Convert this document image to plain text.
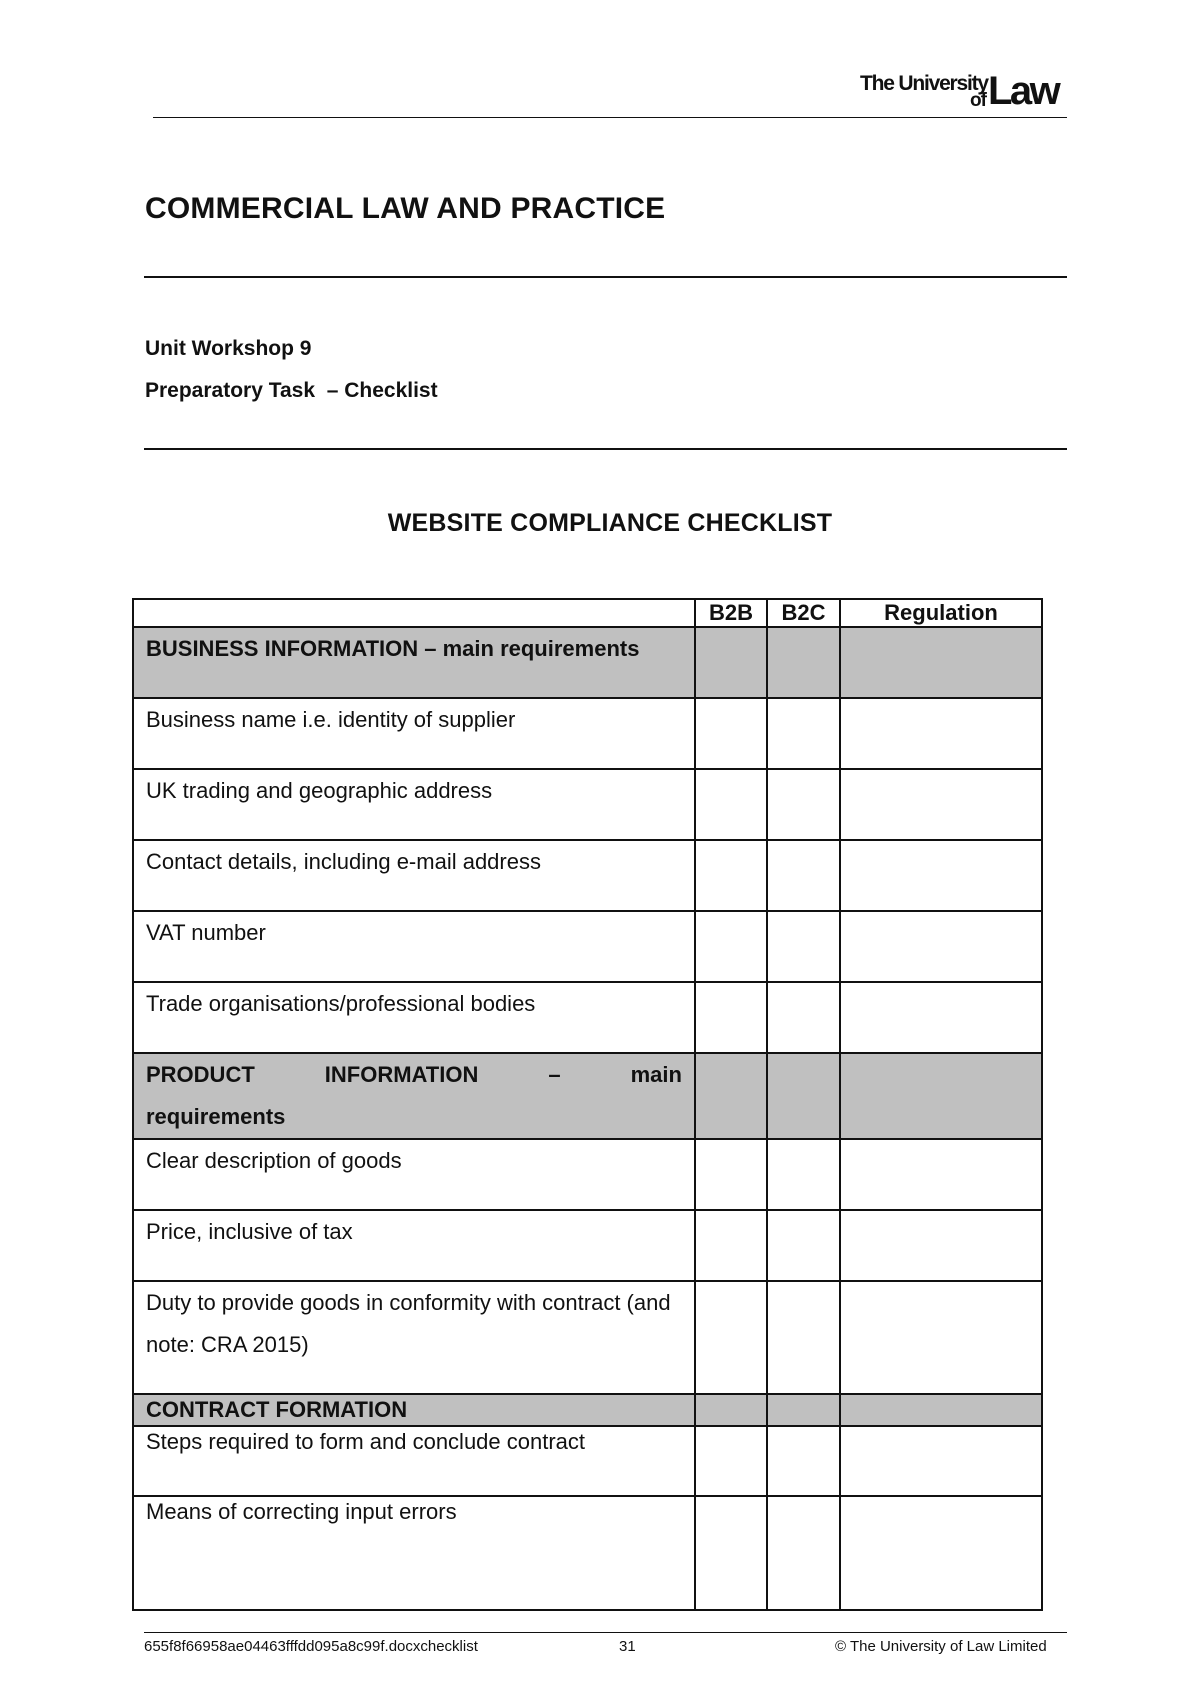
The University
of Law
COMMERCIAL LAW AND PRACTICE
Unit Workshop 9
Preparatory Task  – Checklist
WEBSITE COMPLIANCE CHECKLIST
	B2B	B2C	Regulation
BUSINESS INFORMATION – main requirements			
Business name i.e. identity of supplier			
UK trading and geographic address			
Contact details, including e-mail address			
VAT number			
Trade organisations/professional bodies			

PRODUCT INFORMATION – main
requirements			

Clear description of goods			
Price, inclusive of tax			
Duty to provide goods in conformity with contract (and note: CRA 2015)			
CONTRACT FORMATION			
Steps required to form and conclude contract			
Means of correcting input errors			
655f8f66958ae04463fffdd095a8c99f.docxchecklist	31	© The University of Law Limited
